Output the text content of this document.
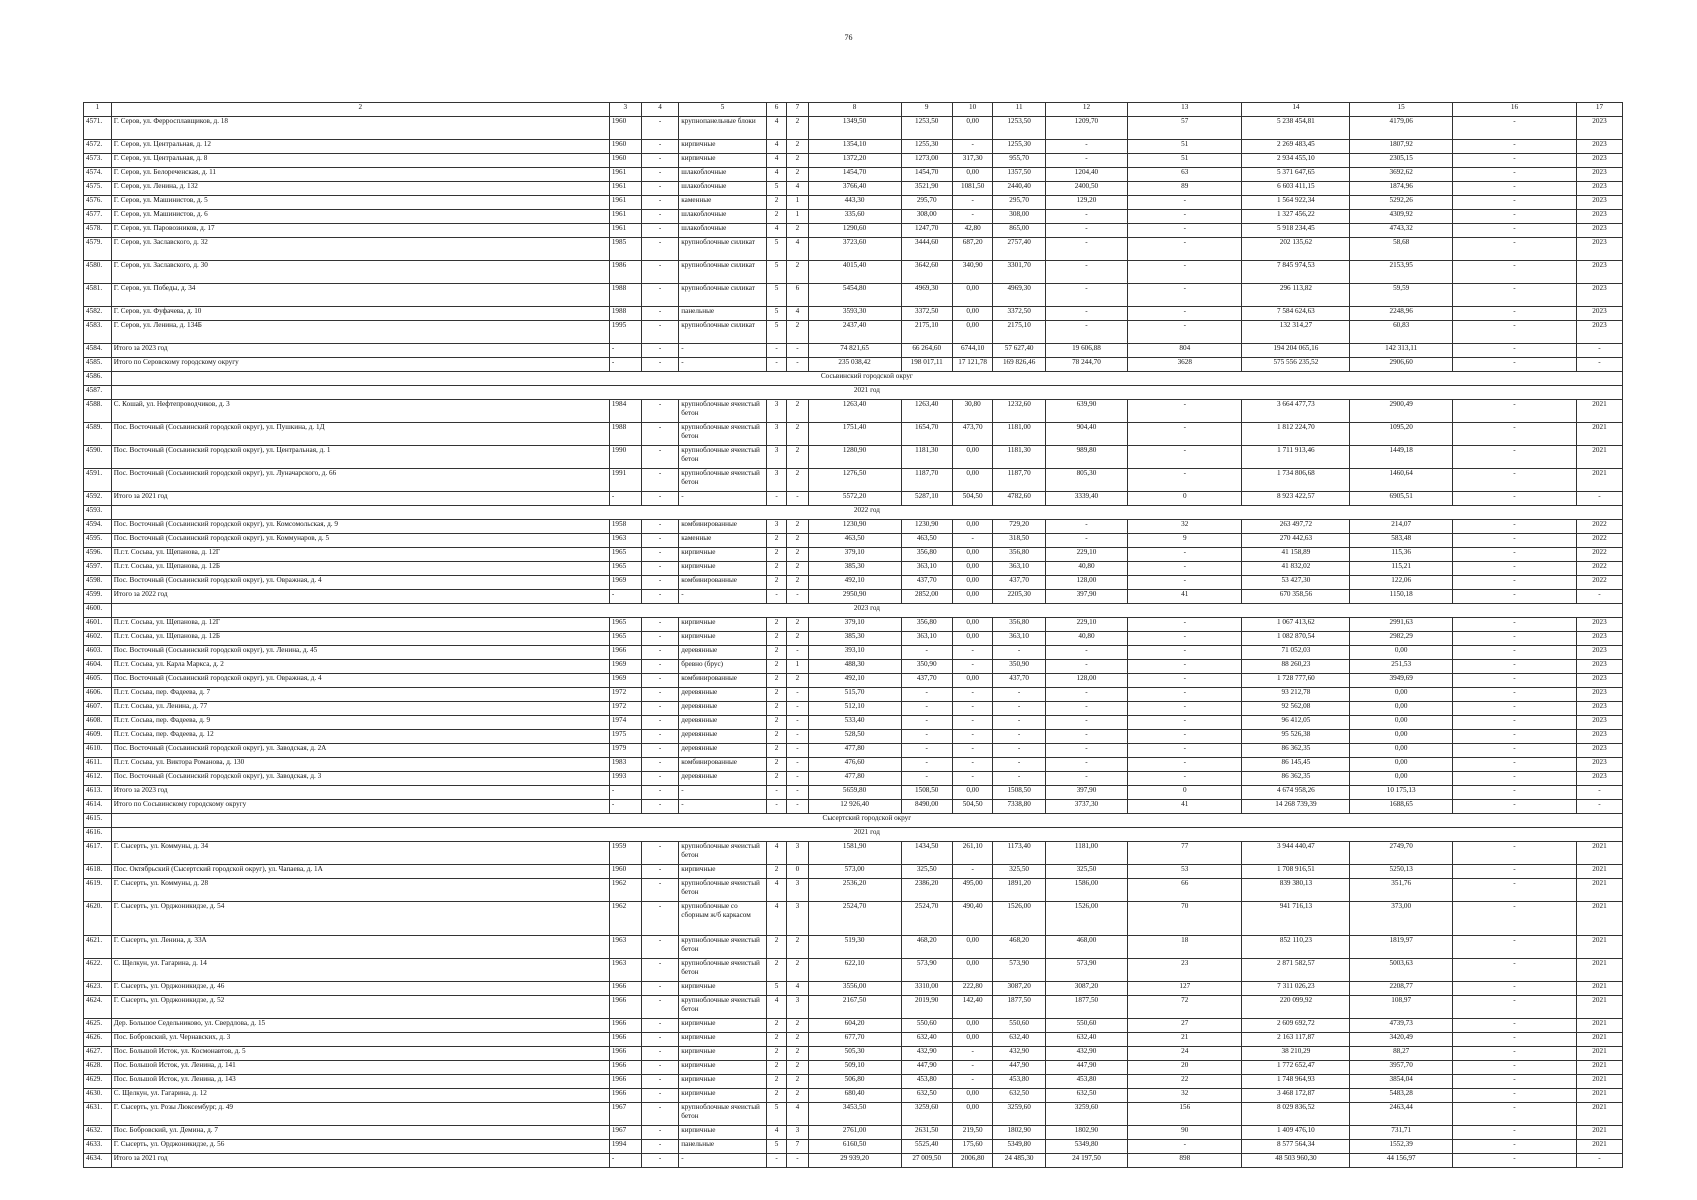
76
1	2	3	4	5	6	7	8	9	10	11	12	13	14	15	16	17
4571.	Г. Серов, ул. Ферросплавщиков, д. 18	1960	-	крупнопанельные блоки	4	2	1349,50	1253,50	0,00	1253,50	1209,70	57	5 238 454,81	4179,06	-	2023
4572.	Г. Серов, ул. Центральная, д. 12	1960	-	кирпичные	4	2	1354,10	1255,30	-	1255,30	-	51	2 269 483,45	1807,92	-	2023
4573.	Г. Серов, ул. Центральная, д. 8	1960	-	кирпичные	4	2	1372,20	1273,00	317,30	955,70	-	51	2 934 455,10	2305,15	-	2023
4574.	Г. Серов, ул. Белореченская, д. 11	1961	-	шлакоблочные	4	2	1454,70	1454,70	0,00	1357,50	1204,40	63	5 371 647,65	3692,62	-	2023
4575.	Г. Серов, ул. Ленина, д. 132	1961	-	шлакоблочные	5	4	3766,40	3521,90	1081,50	2440,40	2400,50	89	6 603 411,15	1874,96	-	2023
4576.	Г. Серов, ул. Машинистов, д. 5	1961	-	каменные	2	1	443,30	295,70	-	295,70	129,20	-	1 564 922,34	5292,26	-	2023
4577.	Г. Серов, ул. Машинистов, д. 6	1961	-	шлакоблочные	2	1	335,60	308,00	-	308,00	-	-	1 327 456,22	4309,92	-	2023
4578.	Г. Серов, ул. Паровозников, д. 17	1961	-	шлакоблочные	4	2	1290,60	1247,70	42,80	865,00	-	-	5 918 234,45	4743,32	-	2023
4579.	Г. Серов, ул. Заславского, д. 32	1985	-	крупноблочные силикат	5	4	3723,60	3444,60	687,20	2757,40	-	-	202 135,62	58,68	-	2023
4580.	Г. Серов, ул. Заславского, д. 30	1986	-	крупноблочные силикат	5	2	4015,40	3642,60	340,90	3301,70	-	-	7 845 974,53	2153,95	-	2023
4581.	Г. Серов, ул. Победы, д. 34	1988	-	крупноблочные силикат	5	6	5454,80	4969,30	0,00	4969,30	-	-	296 113,82	59,59	-	2023
4582.	Г. Серов, ул. Фуфачева, д. 10	1988	-	панельные	5	4	3593,30	3372,50	0,00	3372,50	-	-	7 584 624,63	2248,96	-	2023
4583.	Г. Серов, ул. Ленина, д. 134Б	1995	-	крупноблочные силикат	5	2	2437,40	2175,10	0,00	2175,10	-	-	132 314,27	60,83	-	2023
4584.	Итого за 2023 год	-	-	-	-	-	74 821,65	66 264,60	6744,10	57 627,40	19 606,88	804	194 204 065,16	142 313,11	-	-
4585.	Итого по Серовскому городскому округу	-	-	-	-	-	235 038,42	198 017,11	17 121,78	169 826,46	78 244,70	3628	575 556 235,52	2906,60	-	-
4586.	Сосьвинский городской округ															
4587.	2021 год															
4588.	С. Кошай, ул. Нефтепроводчиков, д. 3	1984	-	крупноблочные ячеистый бетон	3	2	1263,40	1263,40	30,80	1232,60	639,90	-	3 664 477,73	2900,49	-	2021
4589.	Пос. Восточный (Сосьвинский городской округ), ул. Пушкина, д. 1Д	1988	-	крупноблочные ячеистый бетон	3	2	1751,40	1654,70	473,70	1181,00	904,40	-	1 812 224,70	1095,20	-	2021
4590.	Пос. Восточный (Сосьвинский городской округ), ул. Центральная, д. 1	1990	-	крупноблочные ячеистый бетон	3	2	1280,90	1181,30	0,00	1181,30	989,80	-	1 711 913,46	1449,18	-	2021
4591.	Пос. Восточный (Сосьвинский городской округ), ул. Луначарского, д. 66	1991	-	крупноблочные ячеистый бетон	3	2	1276,50	1187,70	0,00	1187,70	805,30	-	1 734 806,68	1460,64	-	2021
4592.	Итого за 2021 год	-	-	-	-	-	5572,20	5287,10	504,50	4782,60	3339,40	0	8 923 422,57	6905,51	-	-
4593.	2022 год															
4594.	Пос. Восточный (Сосьвинский городской округ), ул. Комсомольская, д. 9	1958	-	комбинированные	3	2	1230,90	1230,90	0,00	729,20	-	32	263 497,72	214,07	-	2022
4595.	Пос. Восточный (Сосьвинский городской округ), ул. Коммунаров, д. 5	1963	-	каменные	2	2	463,50	463,50	-	318,50	-	9	270 442,63	583,48	-	2022
4596.	П.г.т. Сосьва, ул. Щепанова, д. 12Г	1965	-	кирпичные	2	2	379,10	356,80	0,00	356,80	229,10	-	41 158,89	115,36	-	2022
4597.	П.г.т. Сосьва, ул. Щепанова, д. 12Б	1965	-	кирпичные	2	2	385,30	363,10	0,00	363,10	40,80	-	41 832,02	115,21	-	2022
4598.	Пос. Восточный (Сосьвинский городской округ), ул. Овражная, д. 4	1969	-	комбинированные	2	2	492,10	437,70	0,00	437,70	128,00	-	53 427,30	122,06	-	2022
4599.	Итого за 2022 год	-	-	-	-	-	2950,90	2852,00	0,00	2205,30	397,90	41	670 358,56	1150,18	-	-
4600.	2023 год															
4601.	П.г.т. Сосьва, ул. Щепанова, д. 12Г	1965	-	кирпичные	2	2	379,10	356,80	0,00	356,80	229,10	-	1 067 413,62	2991,63	-	2023
4602.	П.г.т. Сосьва, ул. Щепанова, д. 12Б	1965	-	кирпичные	2	2	385,30	363,10	0,00	363,10	40,80	-	1 082 870,54	2982,29	-	2023
4603.	Пос. Восточный (Сосьвинский городской округ), ул. Ленина, д. 45	1966	-	деревянные	2	-	393,10	-	-	-	-	-	71 052,03	0,00	-	2023
4604.	П.г.т. Сосьва, ул. Карла Маркса, д. 2	1969	-	бревно (брус)	2	1	488,30	350,90	-	350,90	-	-	88 260,23	251,53	-	2023
4605.	Пос. Восточный (Сосьвинский городской округ), ул. Овражная, д. 4	1969	-	комбинированные	2	2	492,10	437,70	0,00	437,70	128,00	-	1 728 777,60	3949,69	-	2023
4606.	П.г.т. Сосьва, пер. Фадеева, д. 7	1972	-	деревянные	2	-	515,70	-	-	-	-	-	93 212,78	0,00	-	2023
4607.	П.г.т. Сосьва, ул. Ленина, д. 77	1972	-	деревянные	2	-	512,10	-	-	-	-	-	92 562,08	0,00	-	2023
4608.	П.г.т. Сосьва, пер. Фадеева, д. 9	1974	-	деревянные	2	-	533,40	-	-	-	-	-	96 412,05	0,00	-	2023
4609.	П.г.т. Сосьва, пер. Фадеева, д. 12	1975	-	деревянные	2	-	528,50	-	-	-	-	-	95 526,38	0,00	-	2023
4610.	Пос. Восточный (Сосьвинский городской округ), ул. Заводская, д. 2А	1979	-	деревянные	2	-	477,80	-	-	-	-	-	86 362,35	0,00	-	2023
4611.	П.г.т. Сосьва, ул. Виктора Романова, д. 130	1983	-	комбинированные	2	-	476,60	-	-	-	-	-	86 145,45	0,00	-	2023
4612.	Пос. Восточный (Сосьвинский городской округ), ул. Заводская, д. 3	1993	-	деревянные	2	-	477,80	-	-	-	-	-	86 362,35	0,00	-	2023
4613.	Итого за 2023 год	-	-	-	-	-	5659,80	1508,50	0,00	1508,50	397,90	0	4 674 958,26	10 175,13	-	-
4614.	Итого по Сосьвинскому городскому округу	-	-	-	-	-	12 926,40	8490,00	504,50	7338,80	3737,30	41	14 268 739,39	1688,65	-	-
4615.	Сысертский городской округ															
4616.	2021 год															
4617.	Г. Сысерть, ул. Коммуны, д. 34	1959	-	крупноблочные ячеистый бетон	4	3	1581,90	1434,50	261,10	1173,40	1181,00	77	3 944 440,47	2749,70	-	2021
4618.	Пос. Октябрьский (Сысертский городской округ), ул. Чапаева, д. 1А	1960	-	кирпичные	2	0	573,00	325,50	-	325,50	325,50	53	1 708 916,51	5250,13	-	2021
4619.	Г. Сысерть, ул. Коммуны, д. 28	1962	-	крупноблочные ячеистый бетон	4	3	2536,20	2386,20	495,00	1891,20	1586,00	66	839 380,13	351,76	-	2021
4620.	Г. Сысерть, ул. Орджоникидзе, д. 54	1962	-	крупноблочные со сборным ж/б каркасом	4	3	2524,70	2524,70	490,40	1526,00	1526,00	70	941 716,13	373,00	-	2021
4621.	Г. Сысерть, ул. Ленина, д. 33А	1963	-	крупноблочные ячеистый бетон	2	2	519,30	468,20	0,00	468,20	468,00	18	852 110,23	1819,97	-	2021
4622.	С. Щелкун, ул. Гагарина, д. 14	1963	-	крупноблочные ячеистый бетон	2	2	622,10	573,90	0,00	573,90	573,90	23	2 871 582,57	5003,63	-	2021
4623.	Г. Сысерть, ул. Орджоникидзе, д. 46	1966	-	кирпичные	5	4	3556,00	3310,00	222,80	3087,20	3087,20	127	7 311 026,23	2208,77	-	2021
4624.	Г. Сысерть, ул. Орджоникидзе, д. 52	1966	-	крупноблочные ячеистый бетон	4	3	2167,50	2019,90	142,40	1877,50	1877,50	72	220 099,92	108,97	-	2021
4625.	Дер. Большое Седельниково, ул. Свердлова, д. 15	1966	-	кирпичные	2	2	604,20	550,60	0,00	550,60	550,60	27	2 609 692,72	4739,73	-	2021
4626.	Пос. Бобровский, ул. Чернавских, д. 3	1966	-	кирпичные	2	2	677,70	632,40	0,00	632,40	632,40	21	2 163 117,87	3420,49	-	2021
4627.	Пос. Большой Исток, ул. Космонавтов, д. 5	1966	-	кирпичные	2	2	505,30	432,90	-	432,90	432,90	24	38 210,29	88,27	-	2021
4628.	Пос. Большой Исток, ул. Ленина, д. 141	1966	-	кирпичные	2	2	509,10	447,90	-	447,90	447,90	20	1 772 652,47	3957,70	-	2021
4629.	Пос. Большой Исток, ул. Ленина, д. 143	1966	-	кирпичные	2	2	506,80	453,80	-	453,80	453,80	22	1 748 964,93	3854,04	-	2021
4630.	С. Щелкун, ул. Гагарина, д. 12	1966	-	кирпичные	2	2	680,40	632,50	0,00	632,50	632,50	32	3 468 172,87	5483,28	-	2021
4631.	Г. Сысерть, ул. Розы Люксембург, д. 49	1967	-	крупноблочные ячеистый бетон	5	4	3453,50	3259,60	0,00	3259,60	3259,60	156	8 029 836,52	2463,44	-	2021
4632.	Пос. Бобровский, ул. Демина, д. 7	1967	-	кирпичные	4	3	2761,00	2631,50	219,50	1802,90	1802,90	90	1 409 476,10	731,71	-	2021
4633.	Г. Сысерть, ул. Орджоникидзе, д. 56	1994	-	панельные	5	7	6160,50	5525,40	175,60	5349,80	5349,80	-	8 577 564,34	1552,39	-	2021
4634.	Итого за 2021 год	-	-	-	-	-	29 939,20	27 009,50	2006,80	24 485,30	24 197,50	898	48 503 960,30	44 156,97	-	-
